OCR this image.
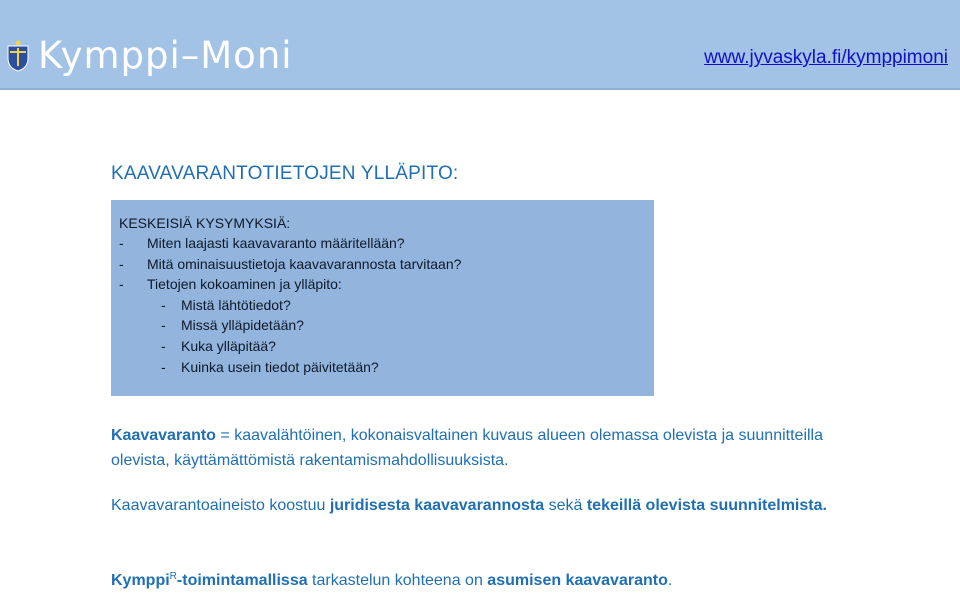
Kymppi–Moni	www.jyvaskyla.fi/kymppimoni
KAAVAVARANTOTIETOJEN YLLÄPITO:
KESKEISIÄ KYSYMYKSIÄ:
- Miten laajasti kaavavaranto määritellään?
- Mitä ominaisuustietoja kaavavarannosta tarvitaan?
- Tietojen kokoaminen ja ylläpito:
- Mistä lähtötiedot?
- Missä ylläpidetään?
- Kuka ylläpitää?
- Kuinka usein tiedot päivitetään?
Kaavavaranto = kaavalähtöinen, kokonaisvaltainen kuvaus alueen olemassa olevista ja suunnitteilla olevista, käyttämättömistä rakentamismahdollisuuksista.
Kaavavarantoaineisto koostuu juridisesta kaavavarannosta sekä tekeillä olevista suunnitelmista.
Kymppi$^R$-toimintamallissa tarkastelun kohteena on asumisen kaavavaranto.
